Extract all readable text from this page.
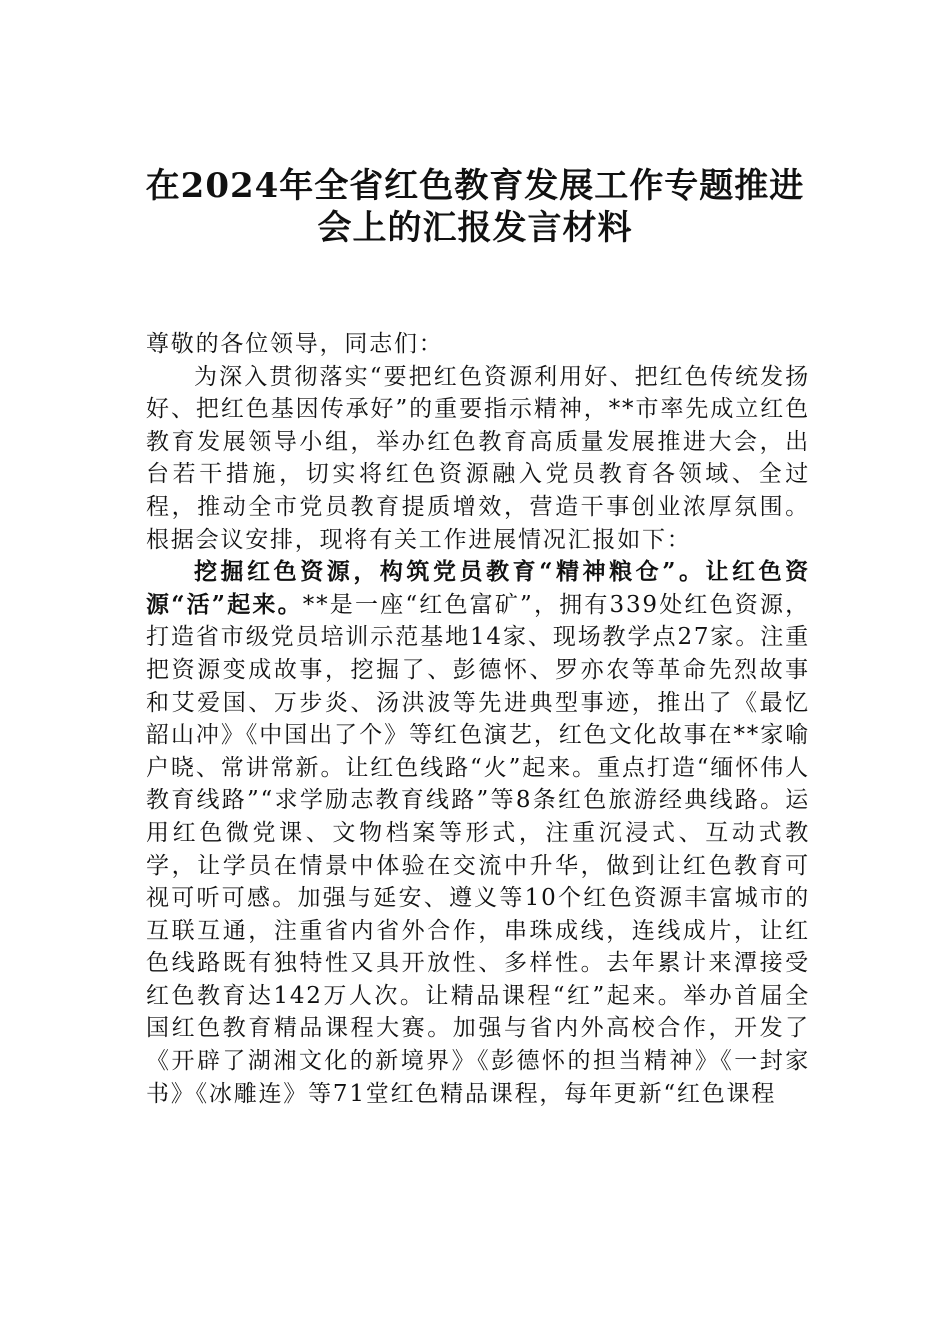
在2024年全省红色教育发展工作专题推进
会上的汇报发言材料

尊敬的各位领导，同志们：

为深入贯彻落实“要把红色资源利用好、把红色传统发扬好、把红色基因传承好”的重要指示精神，**市率先成立红色教育发展领导小组，举办红色教育高质量发展推进大会，出台若干措施，切实将红色资源融入党员教育各领域、全过程，推动全市党员教育提质增效，营造干事创业浓厚氛围。根据会议安排，现将有关工作进展情况汇报如下：

挖掘红色资源，构筑党员教育“精神粮仓”。让红色资源“活”起来。**是一座“红色富矿”，拥有339处红色资源，打造省市级党员培训示范基地14家、现场教学点27家。注重把资源变成故事，挖掘了、彭德怀、罗亦农等革命先烈故事和艾爱国、万步炎、汤洪波等先进典型事迹，推出了《最忆韶山冲》《中国出了个》等红色演艺，红色文化故事在**家喻户晓、常讲常新。让红色线路“火”起来。重点打造“缅怀伟人教育线路”“求学励志教育线路”等8条红色旅游经典线路。运用红色微党课、文物档案等形式，注重沉浸式、互动式教学，让学员在情景中体验在交流中升华，做到让红色教育可视可听可感。加强与延安、遵义等10个红色资源丰富城市的互联互通，注重省内省外合作，串珠成线，连线成片，让红色线路既有独特性又具开放性、多样性。去年累计来潭接受红色教育达142万人次。让精品课程“红”起来。举办首届全国红色教育精品课程大赛。加强与省内外高校合作，开发了《开辟了湖湘文化的新境界》《彭德怀的担当精神》《一封家书》《冰雕连》等71堂红色精品课程，每年更新“红色课程
